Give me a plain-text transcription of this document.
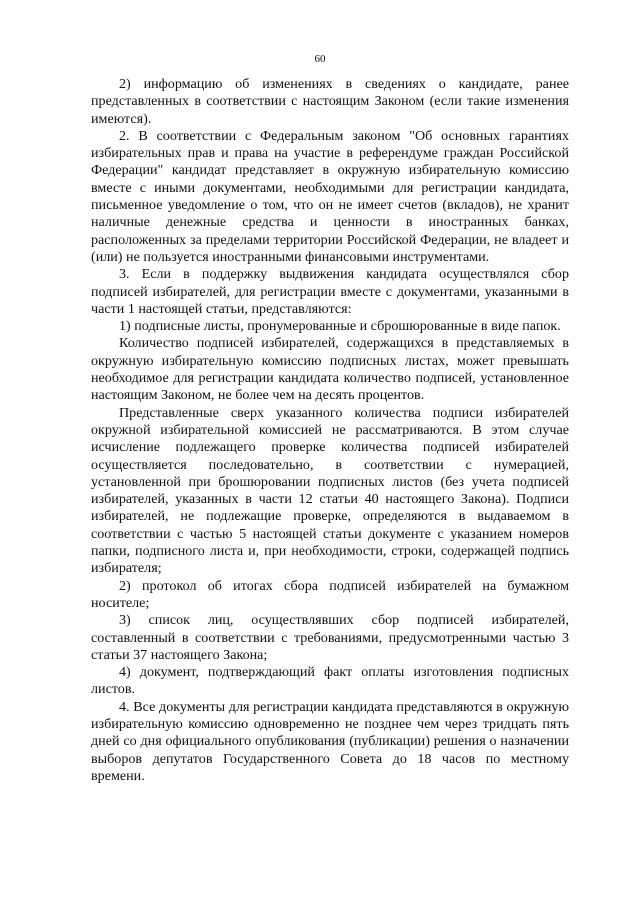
60

2) информацию об изменениях в сведениях о кандидате, ранее представленных в соответствии с настоящим Законом (если такие изменения имеются).

2. В соответствии с Федеральным законом "Об основных гарантиях избирательных прав и права на участие в референдуме граждан Российской Федерации" кандидат представляет в окружную избирательную комиссию вместе с иными документами, необходимыми для регистрации кандидата, письменное уведомление о том, что он не имеет счетов (вкладов), не хранит наличные денежные средства и ценности в иностранных банках, расположенных за пределами территории Российской Федерации, не владеет и (или) не пользуется иностранными финансовыми инструментами.

3. Если в поддержку выдвижения кандидата осуществлялся сбор подписей избирателей, для регистрации вместе с документами, указанными в части 1 настоящей статьи, представляются:

1) подписные листы, пронумерованные и сброшюрованные в виде папок.

Количество подписей избирателей, содержащихся в представляемых в окружную избирательную комиссию подписных листах, может превышать необходимое для регистрации кандидата количество подписей, установленное настоящим Законом, не более чем на десять процентов.

Представленные сверх указанного количества подписи избирателей окружной избирательной комиссией не рассматриваются. В этом случае исчисление подлежащего проверке количества подписей избирателей осуществляется последовательно, в соответствии с нумерацией, установленной при брошюровании подписных листов (без учета подписей избирателей, указанных в части 12 статьи 40 настоящего Закона). Подписи избирателей, не подлежащие проверке, определяются в выдаваемом в соответствии с частью 5 настоящей статьи документе с указанием номеров папки, подписного листа и, при необходимости, строки, содержащей подпись избирателя;

2) протокол об итогах сбора подписей избирателей на бумажном носителе;

3) список лиц, осуществлявших сбор подписей избирателей, составленный в соответствии с требованиями, предусмотренными частью 3 статьи 37 настоящего Закона;

4) документ, подтверждающий факт оплаты изготовления подписных листов.

4. Все документы для регистрации кандидата представляются в окружную избирательную комиссию одновременно не позднее чем через тридцать пять дней со дня официального опубликования (публикации) решения о назначении выборов депутатов Государственного Совета до 18 часов по местному времени.
